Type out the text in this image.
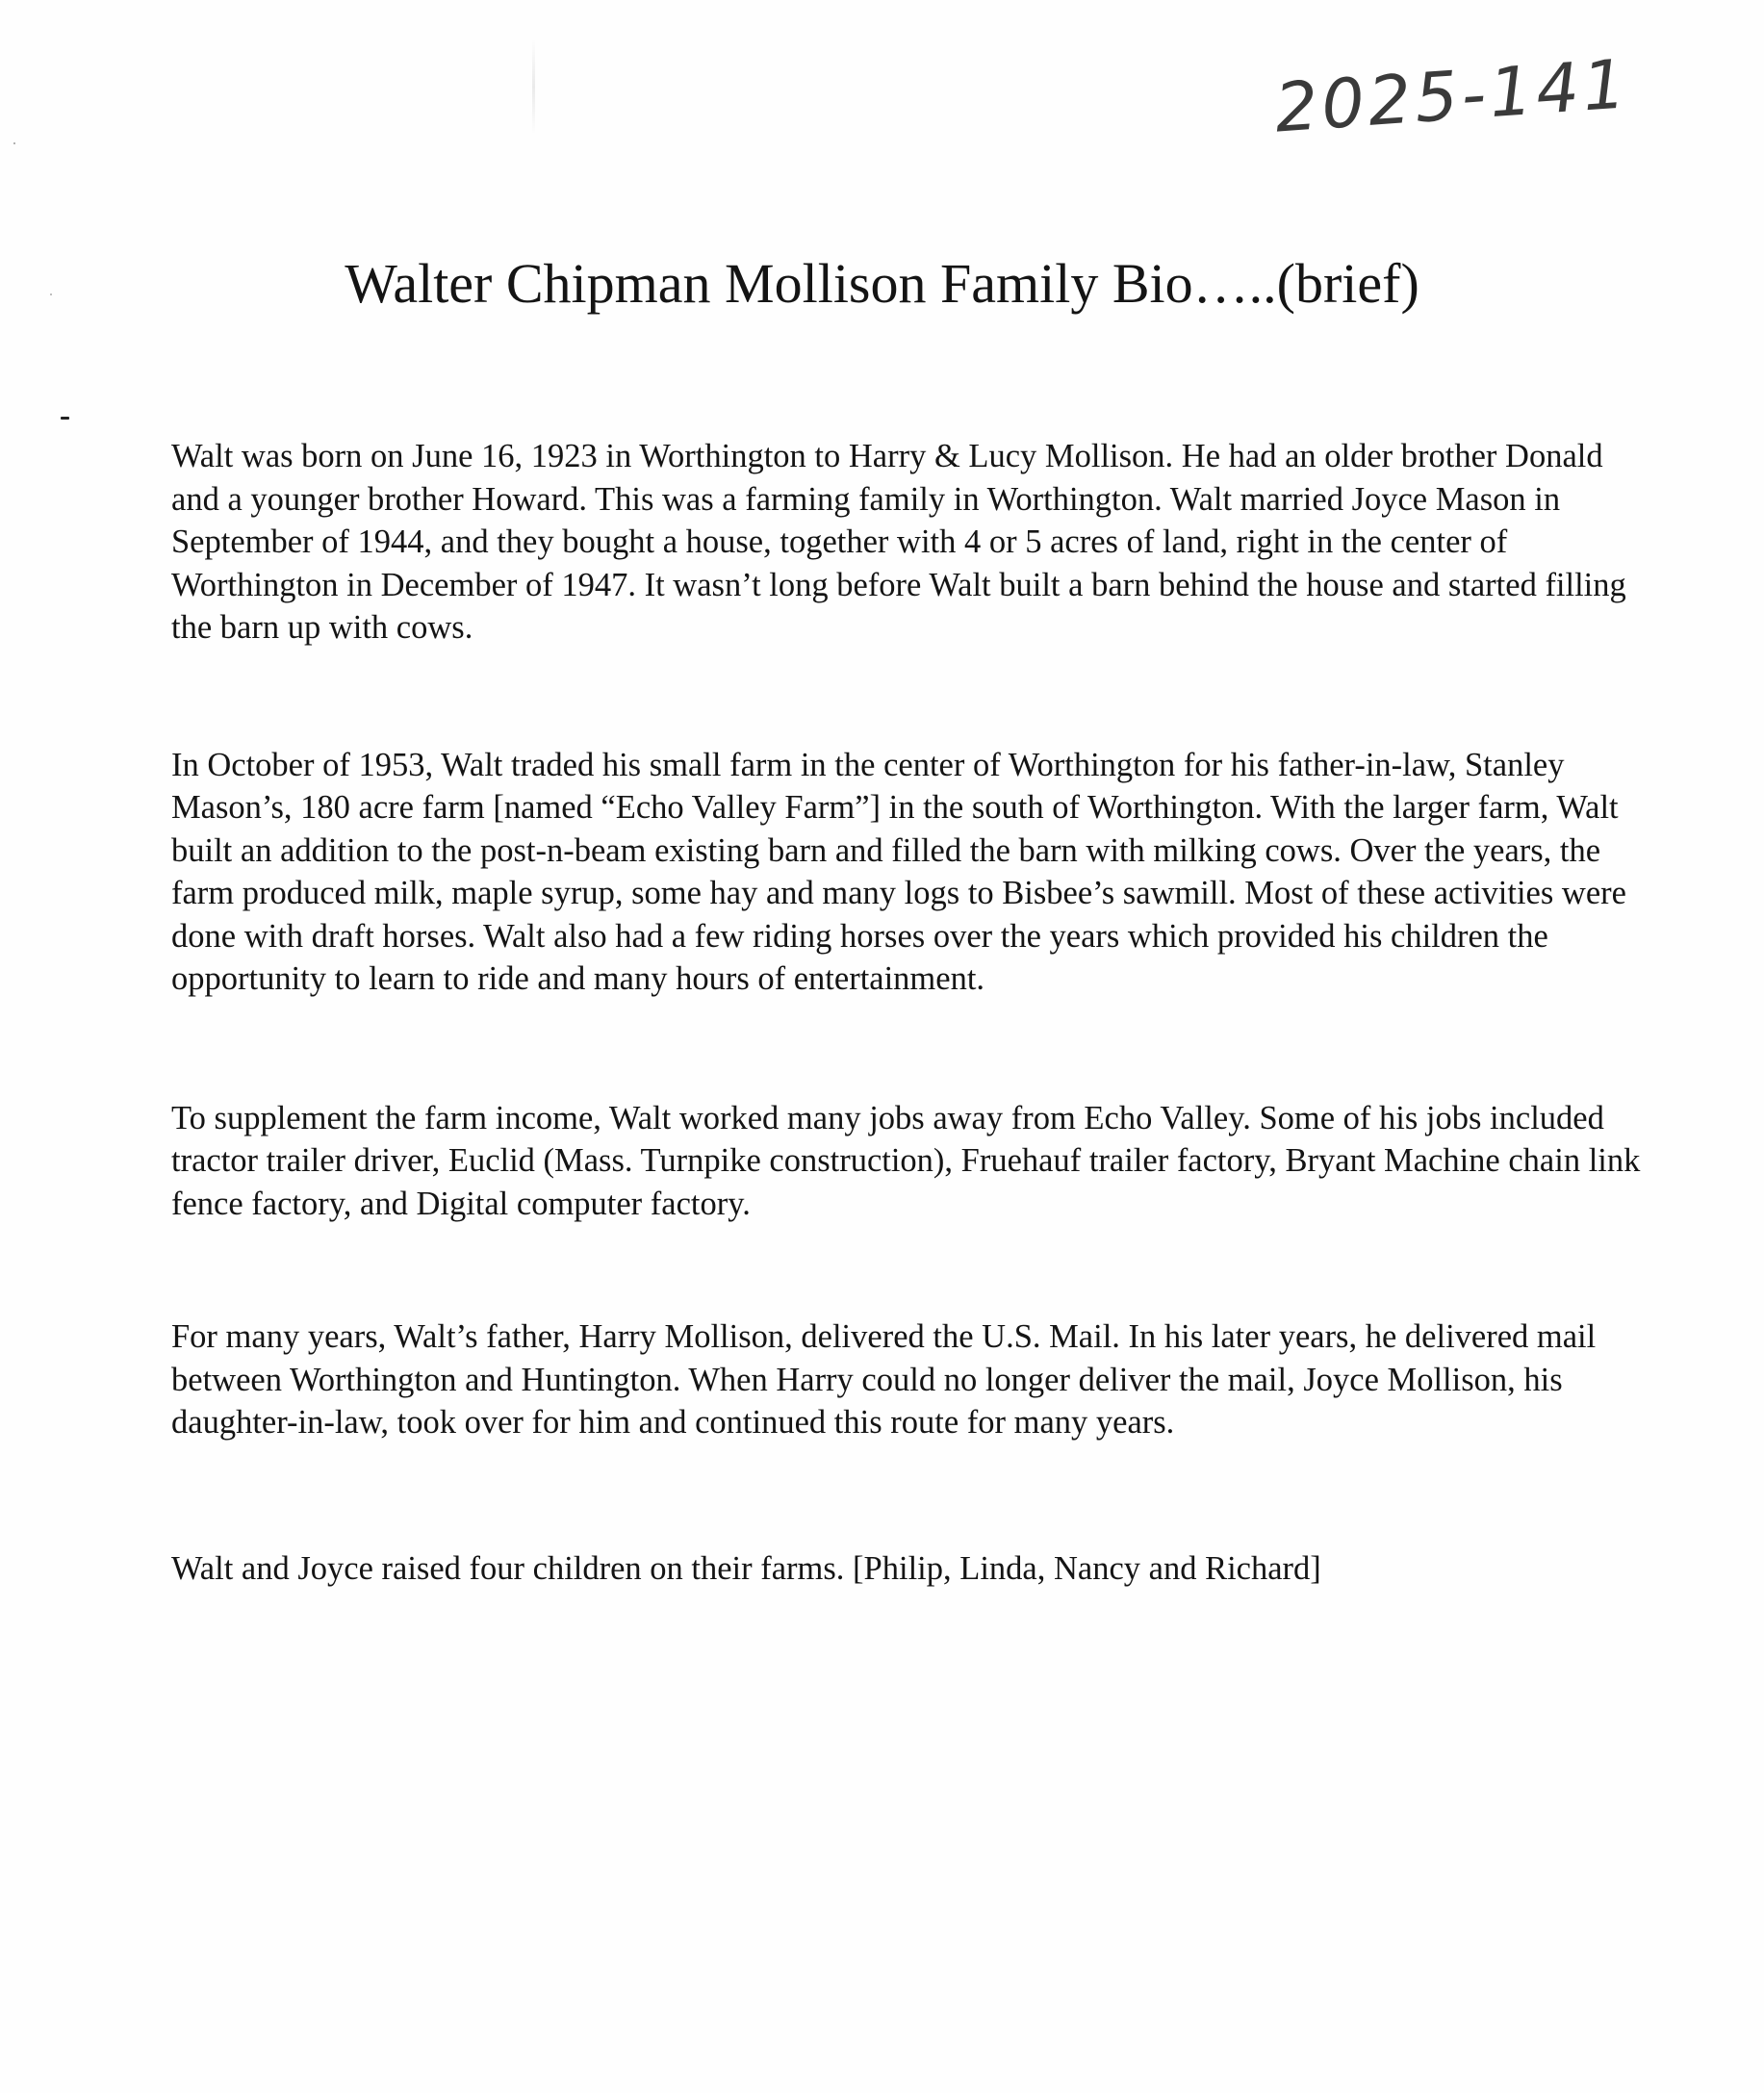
2025-141
Walter Chipman Mollison Family Bio…..(brief)

Walt was born on June 16, 1923 in Worthington to Harry & Lucy Mollison. He had an older brother Donald and a younger brother Howard. This was a farming family in Worthington. Walt married Joyce Mason in September of 1944, and they bought a house, together with 4 or 5 acres of land, right in the center of Worthington in December of 1947. It wasn’t long before Walt built a barn behind the house and started filling the barn up with cows.

In October of 1953, Walt traded his small farm in the center of Worthington for his father-in-law, Stanley Mason’s, 180 acre farm [named “Echo Valley Farm”] in the south of Worthington. With the larger farm, Walt built an addition to the post-n-beam existing barn and filled the barn with milking cows. Over the years, the farm produced milk, maple syrup, some hay and many logs to Bisbee’s sawmill. Most of these activities were done with draft horses. Walt also had a few riding horses over the years which provided his children the opportunity to learn to ride and many hours of entertainment.

To supplement the farm income, Walt worked many jobs away from Echo Valley. Some of his jobs included tractor trailer driver, Euclid (Mass. Turnpike construction), Fruehauf trailer factory, Bryant Machine chain link fence factory, and Digital computer factory.

For many years, Walt’s father, Harry Mollison, delivered the U.S. Mail. In his later years, he delivered mail between Worthington and Huntington. When Harry could no longer deliver the mail, Joyce Mollison, his daughter-in-law, took over for him and continued this route for many years.

Walt and Joyce raised four children on their farms. [Philip, Linda, Nancy and Richard]
